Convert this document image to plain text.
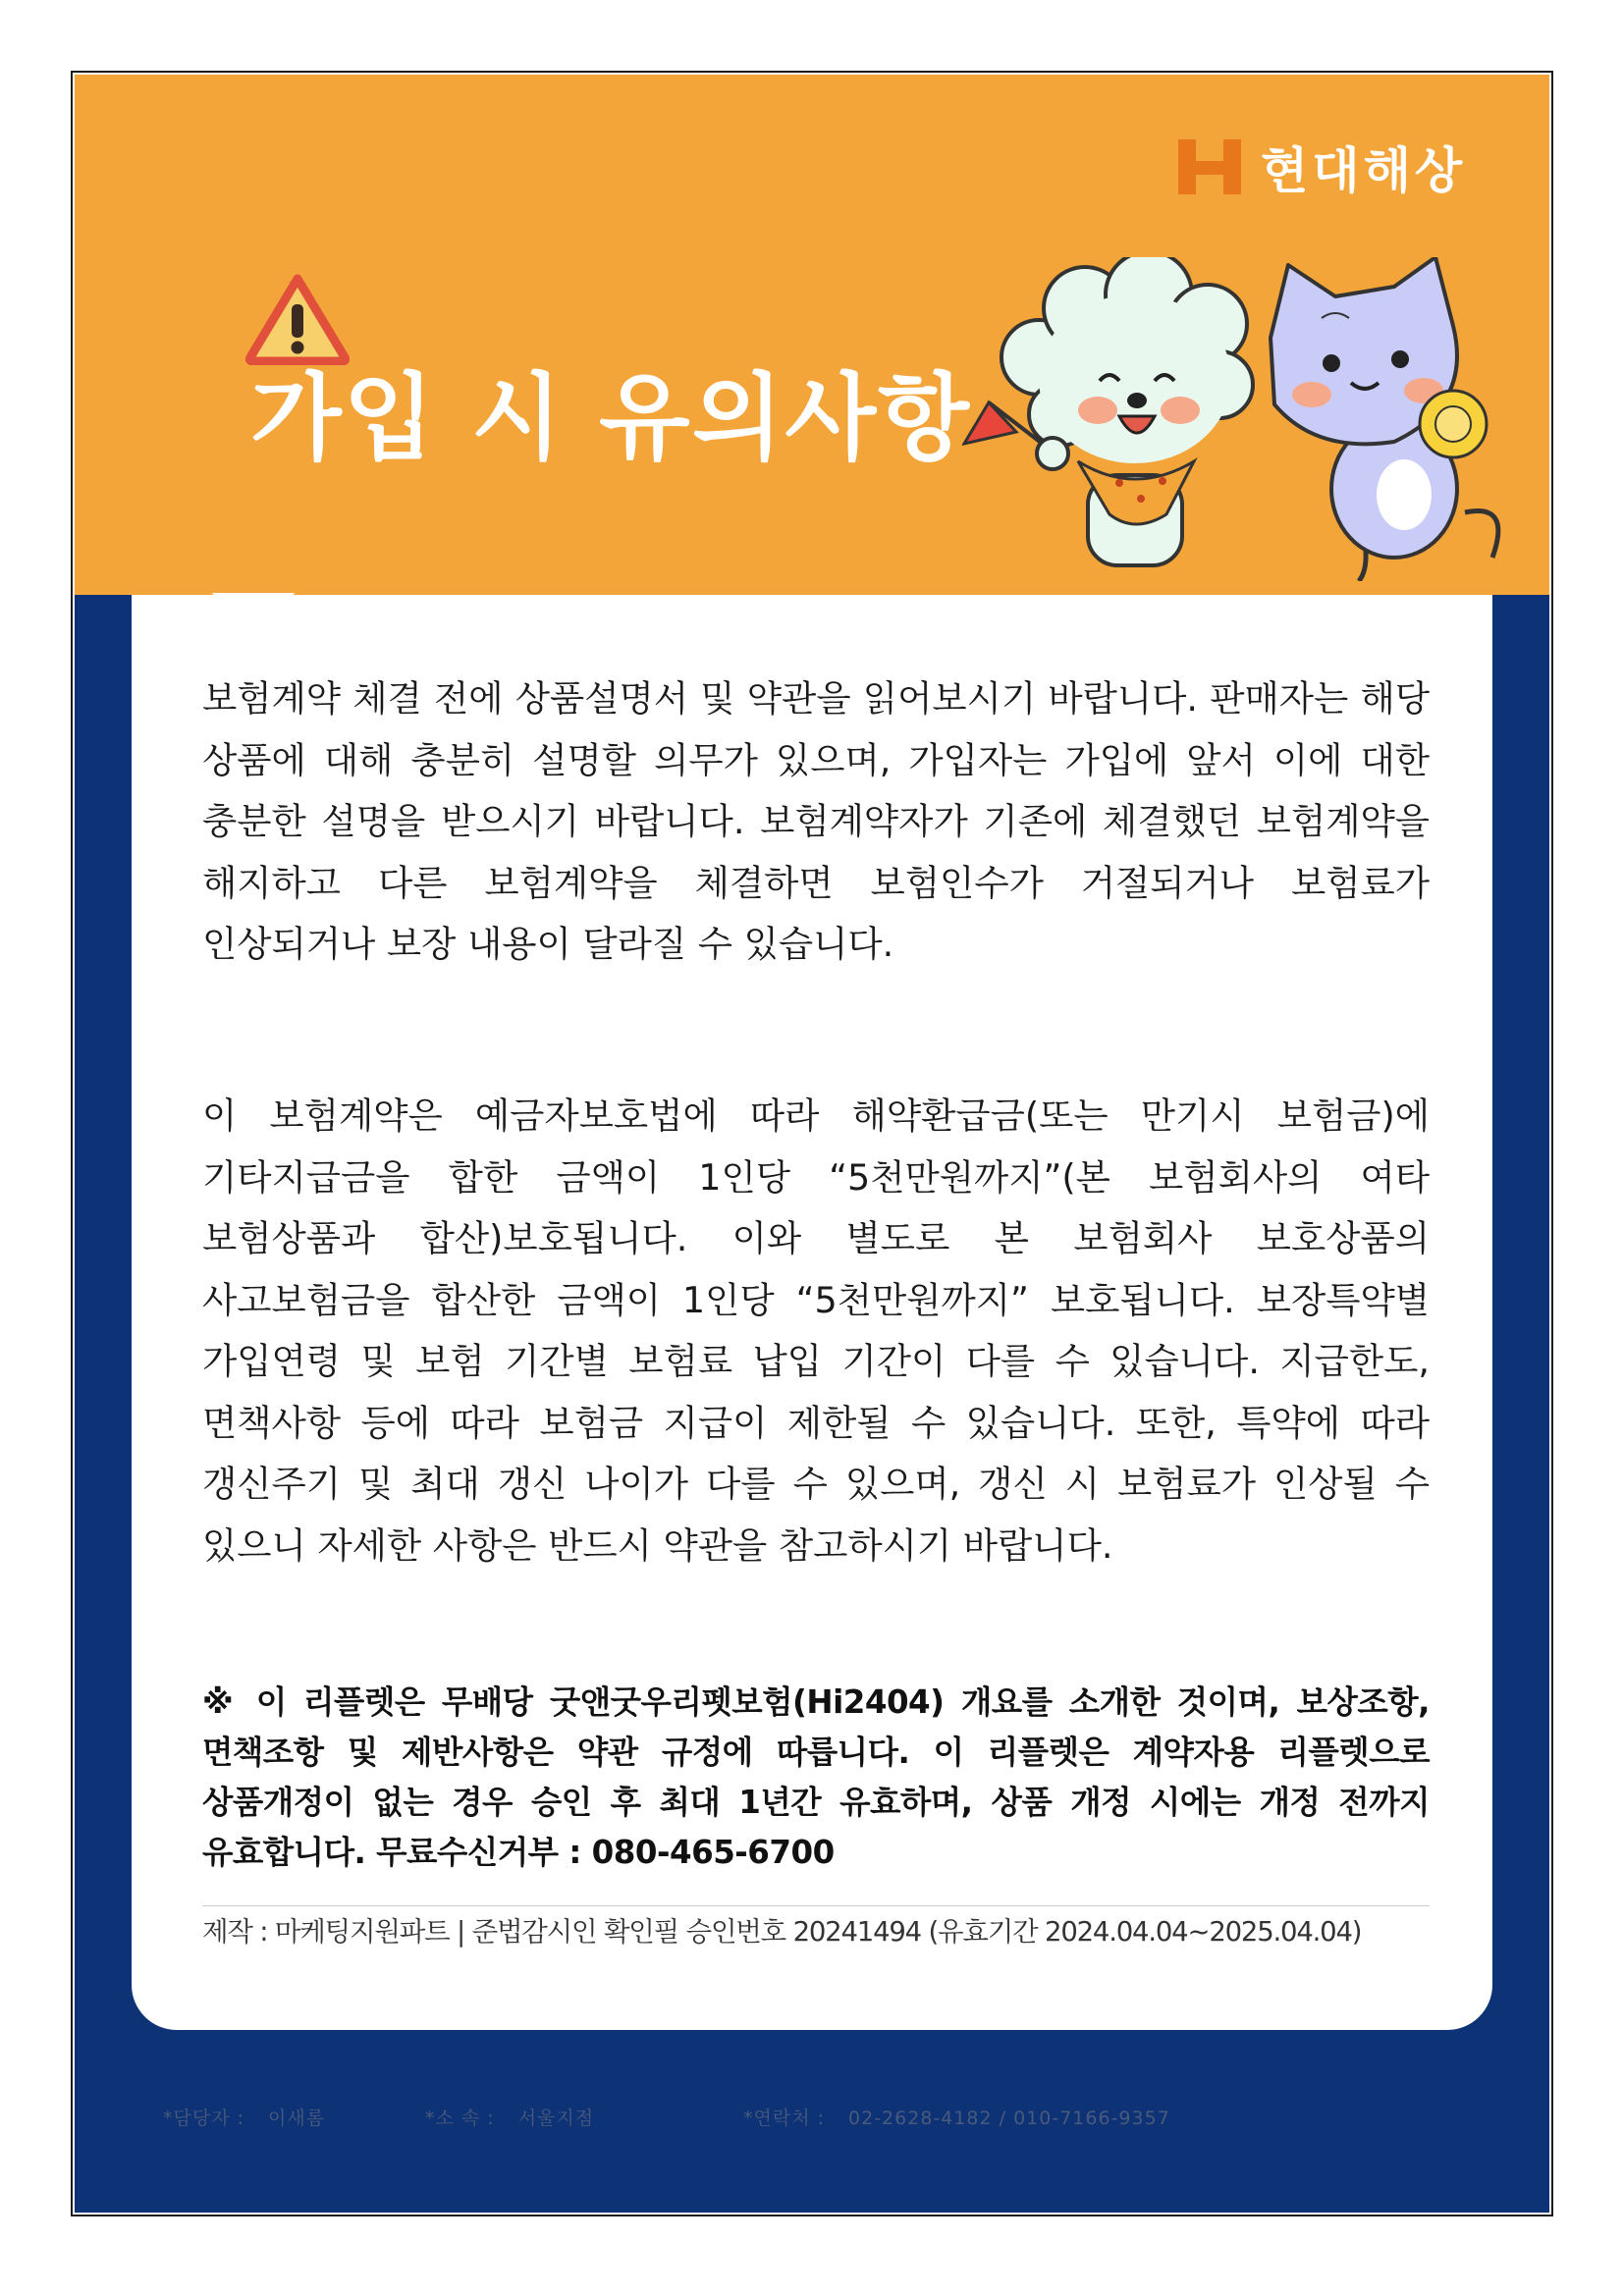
현대해상
가입 시 유의사항

보험계약 체결 전에 상품설명서 및 약관을 읽어보시기 바랍니다. 판매자는 해당 상품에 대해 충분히 설명할 의무가 있으며, 가입자는 가입에 앞서 이에 대한 충분한 설명을 받으시기 바랍니다. 보험계약자가 기존에 체결했던 보험계약을 해지하고 다른 보험계약을 체결하면 보험인수가 거절되거나 보험료가 인상되거나 보장 내용이 달라질 수 있습니다.

이 보험계약은 예금자보호법에 따라 해약환급금(또는 만기시 보험금)에 기타지급금을 합한 금액이 1인당 “5천만원까지”(본 보험회사의 여타 보험상품과 합산)보호됩니다. 이와 별도로 본 보험회사 보호상품의 사고보험금을 합산한 금액이 1인당 “5천만원까지” 보호됩니다. 보장특약별 가입연령 및 보험 기간별 보험료 납입 기간이 다를 수 있습니다. 지급한도, 면책사항 등에 따라 보험금 지급이 제한될 수 있습니다. 또한, 특약에 따라 갱신주기 및 최대 갱신 나이가 다를 수 있으며, 갱신 시 보험료가 인상될 수 있으니 자세한 사항은 반드시 약관을 참고하시기 바랍니다.

※ 이 리플렛은 무배당 굿앤굿우리펫보험(Hi2404) 개요를 소개한 것이며, 보상조항, 면책조항 및 제반사항은 약관 규정에 따릅니다. 이 리플렛은 계약자용 리플렛으로 상품개정이 없는 경우 승인 후 최대 1년간 유효하며, 상품 개정 시에는 개정 전까지 유효합니다. 무료수신거부 : 080-465-6700

제작 : 마케팅지원파트 | 준법감시인 확인필 승인번호 20241494 (유효기간 2024.04.04~2025.04.04)

*담당자 : 이새롬	*소 속 : 서울지점	*연락처 : 02-2628-4182 / 010-7166-9357
